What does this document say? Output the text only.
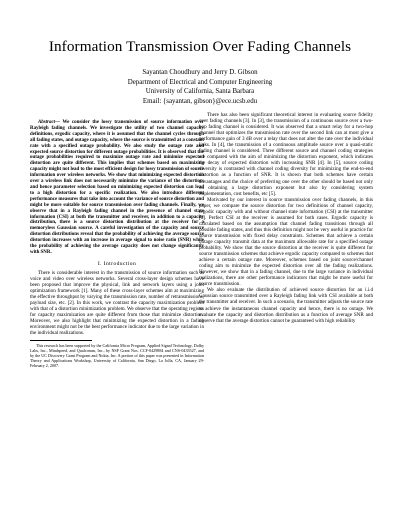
Information Transmission Over Fading Channels
Sayantan Choudhury and Jerry D. Gibson
Department of Electrical and Computer Engineering
University of California, Santa Barbara
Email: {sayantan, gibson}@ece.ucsb.edu

Abstract— We consider the lossy transmission of source information over Rayleigh fading channels. We investigate the utility of two channel capacity definitions, ergodic capacity, where it is assumed that the channel cycles through all fading states, and outage capacity, where the source is transmitted at a constant rate with a specified outage probability. We also study the outage rate and expected source distortion for different outage probabilities. It is observed that the outage probabilities required to maximize outage rate and minimize expected distortion are quite different. This implies that schemes based on maximizing capacity might not lead to the most efficient design for lossy transmission of source information over wireless networks. We show that minimizing expected distortion over a wireless link does not necessarily minimize the variance of the distortion, and hence parameter selection based on minimizing expected distortion can lead to a high distortion for a specific realization. We also introduce different performance measures that take into account the variance of source distortion and might be more suitable for source transmission over fading channels. Finally, we observe that in a Rayleigh fading channel in the presence of channel state information (CSI) at both the transmitter and receiver, in addition to a capacity distribution, there is a source distortion distribution at the receiver for a memoryless Gaussian source. A careful investigation of the capacity and source distortion distributions reveal that the probability of achieving the average source distortion increases with an increase in average signal to noise ratio (SNR) while the probability of achieving the average capacity does not change significantly with SNR.

I. Introduction

There is considerable interest in the transmission of source information such as voice and video over wireless networks. Several cross-layer design schemes have been proposed that improve the physical, link and network layers using a joint optimization framework [1]. Many of these cross-layer schemes aim at maximizing the effective throughput by varying the transmission rate, number of retransmissions, payload size, etc. [2]. In this work, we contrast the capacity maximization problem with that of a distortion minimization problem. We observe that the operating regions for capacity maximization are quite different from those that minimize distortion. Moreover, we also highlight that minimizing the expected distortion in a fading environment might not be the best performance indicator due to the large variation in the individual realizations.

This research has been supported by the California Micro Program, Applied Signal Technology, Dolby Labs, Inc., Mindspeed, and Qualcomm, Inc., by NSF Grant Nos. CCF-0429884 and CNS-0435527, and by the UC Discovery Grant Program and Nokia, Inc. A portion of this paper was presented in Information Theory and Applications Workshop, University of California, San Diego, La Jolla, CA, January 29-February 2, 2007.

There has also been significant theoretical interest in evaluating source fidelity over fading channels [3]. In [3], the transmission of a continuous source over a two-hop fading channel is considered. It was observed that a smart relay for a two-hop channel that optimizes the transmission rate over the second link can at most give a performance gain of 3 dB over a relay that does not alter the rate over the individual links. In [4], the transmission of a continuous amplitude source over a quasi-static fading channel is considered. Three different source and channel coding strategies are compared with the aim of minimizing the distortion exponent, which indicates the decay of expected distortion with increasing SNR [4]. In [5], source coding diversity is contrasted with channel coding diversity for minimizing the end-to-end distortion as a function of SNR. It is shown that both schemes have certain advantages and the choice of preferring one over the other should be based not only on obtaining a large distortion exponent but also by considering system implementation, cost benefits, etc [5].

Motivated by our interest in source transmission over fading channels, in this paper, we compare the source distortion for two definitions of channel capacity, ergodic capacity with and without channel state information (CSI) at the transmitter [6]. Perfect CSI at the receiver is assumed for both cases. Ergodic capacity is calculated based on the assumption that channel fading transitions through all possible fading states, and thus this definition might not be very useful in practice for source transmission with fixed delay constraints. Schemes that achieve a certain outage capacity transmit data at the maximum allowable rate for a specified outage probability. We show that the source distortion at the receiver is quite different for source transmission schemes that achieve ergodic capacity compared to schemes that achieve a certain outage rate. Moreover, schemes based on joint source/channel coding aim to minimize the expected distortion over all the fading realizations. However, we show that in a fading channel, due to the large variance in individual realizations, there are other performance indicators that might be more useful for source transmission.

We also evaluate the distribution of achieved source distortion for an i.i.d Gaussian source transmitted over a Rayleigh fading link with CSI available at both the transmitter and receiver. In such a scenario, the transmitter adjusts the source rate to achieve the instantaneous channel capacity and hence, there is no outage. We evaluate the capacity and distortion distribution as a function of average SNR and observe that the average distortion cannot be guaranteed with high reliability
